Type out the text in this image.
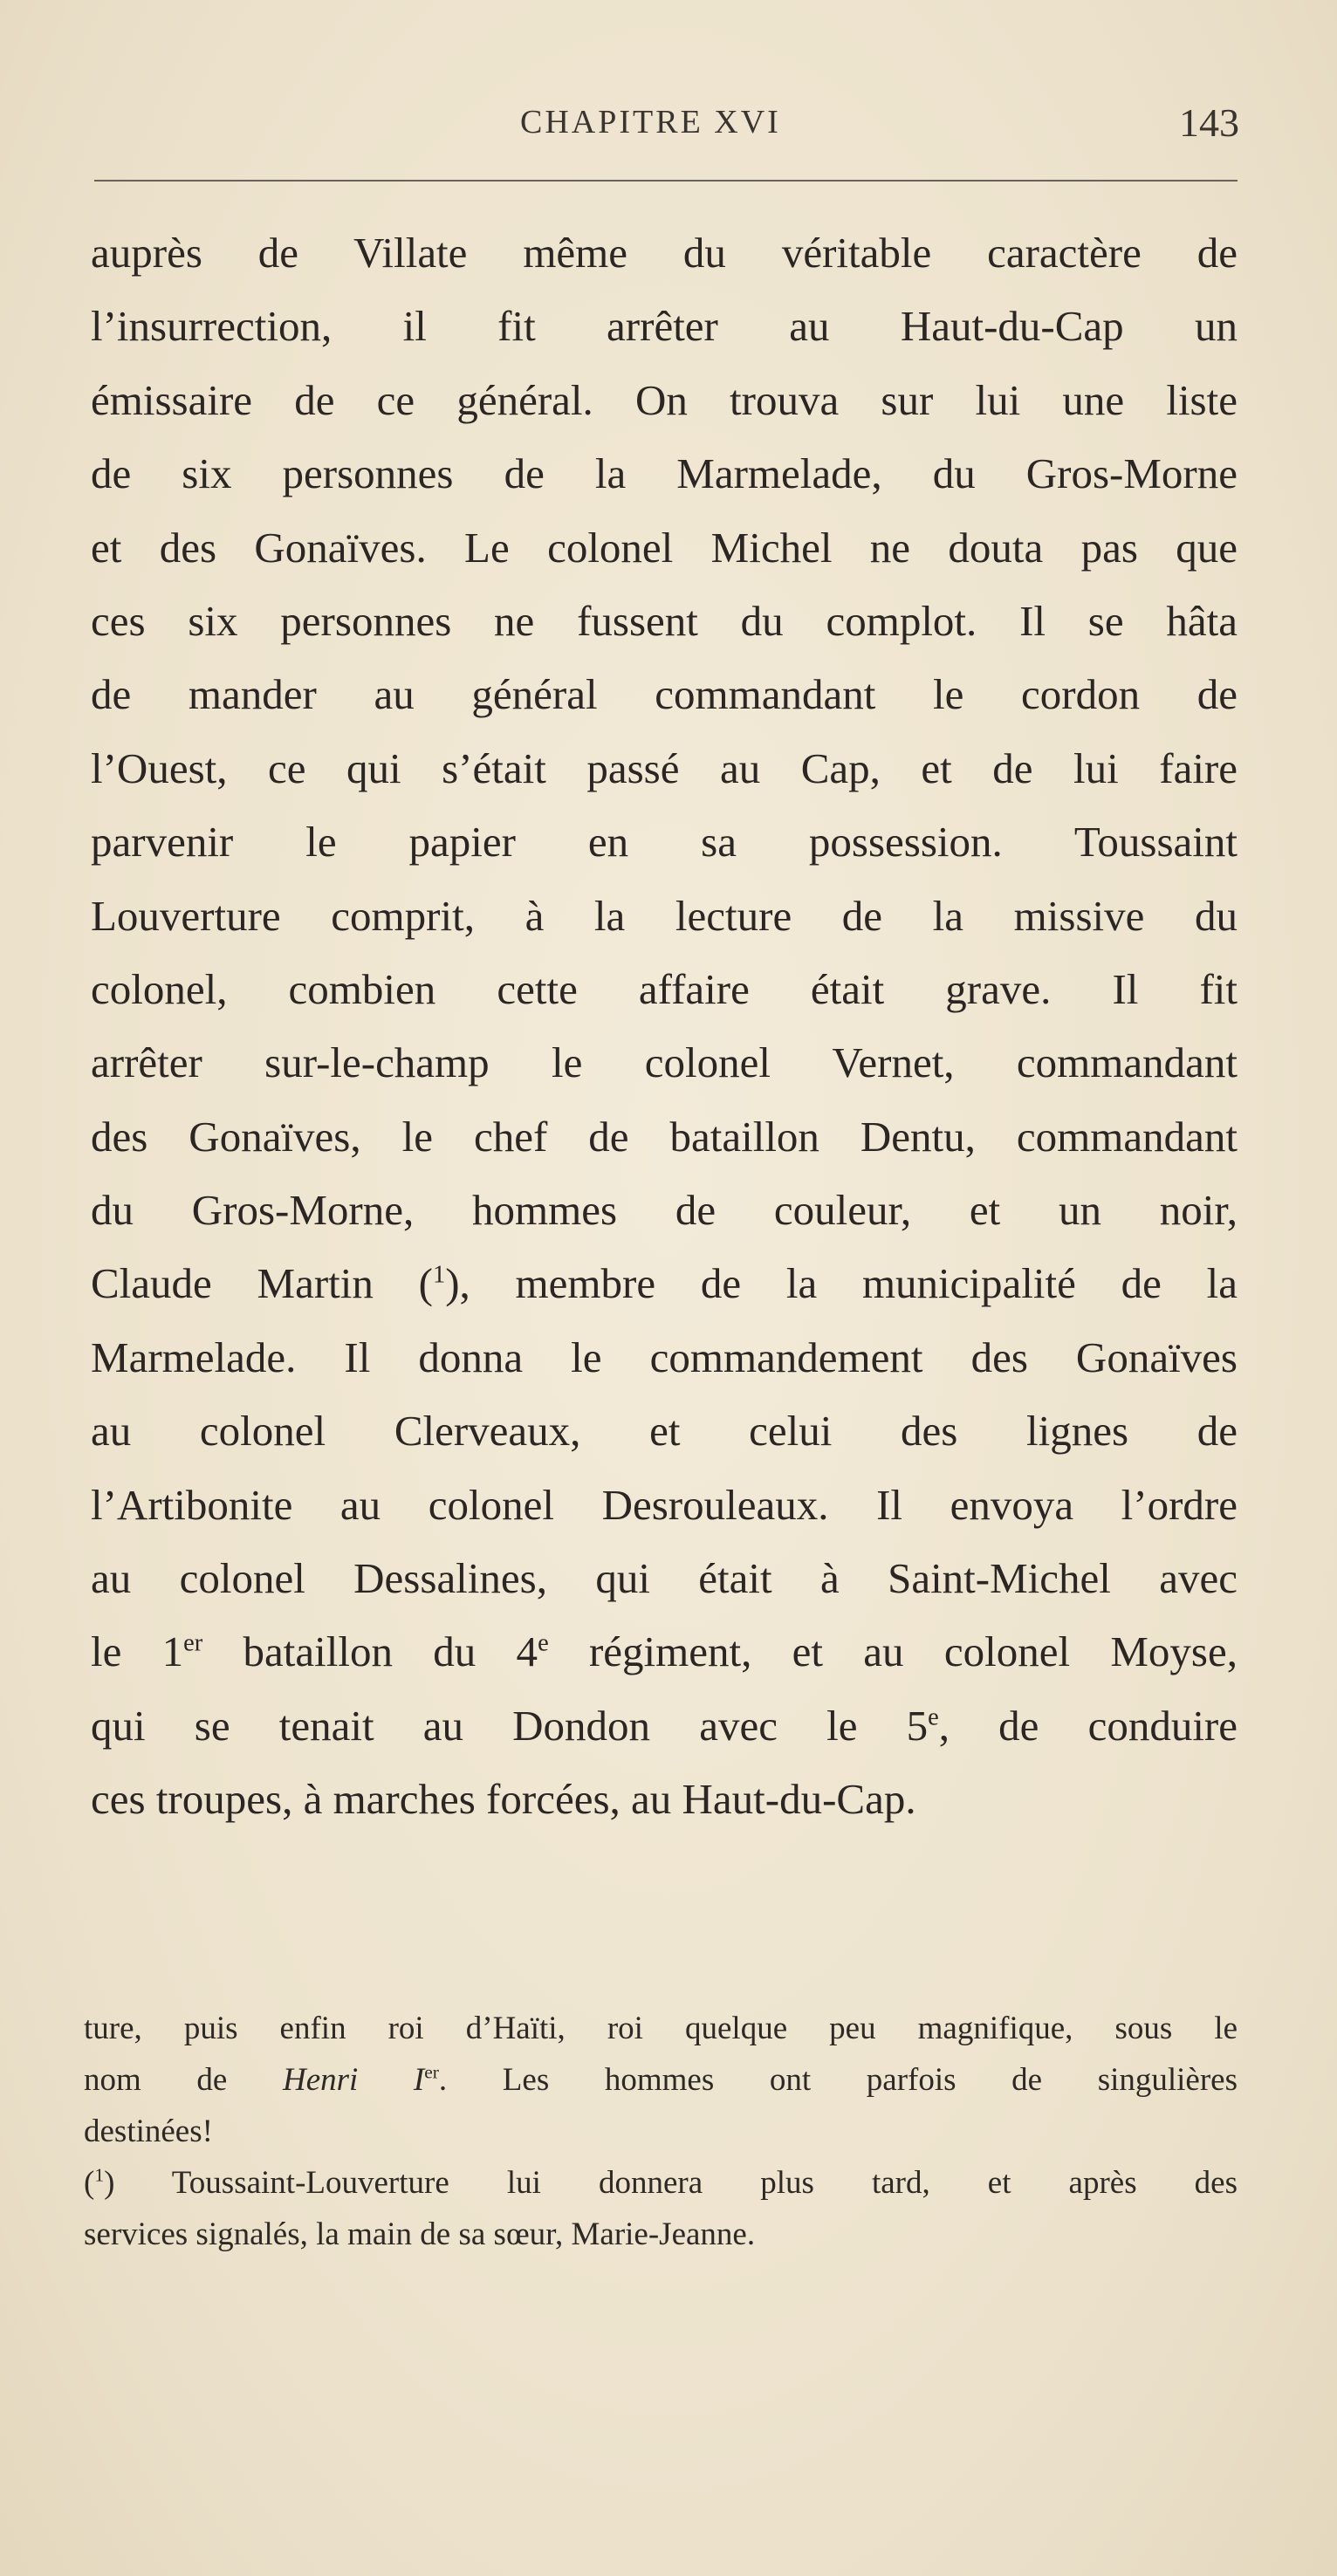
CHAPITRE XVI	143
auprès de Villate même du véritable caractère de
l’insurrection, il fit arrêter au Haut-du-Cap un
émissaire de ce général. On trouva sur lui une liste
de six personnes de la Marmelade, du Gros-Morne
et des Gonaïves. Le colonel Michel ne douta pas que
ces six personnes ne fussent du complot. Il se hâta
de mander au général commandant le cordon de
l’Ouest, ce qui s’était passé au Cap, et de lui faire
parvenir le papier en sa possession. Toussaint
Louverture comprit, à la lecture de la missive du
colonel, combien cette affaire était grave. Il fit
arrêter sur-le-champ le colonel Vernet, commandant
des Gonaïves, le chef de bataillon Dentu, commandant
du Gros-Morne, hommes de couleur, et un noir,
Claude Martin ($^1$), membre de la municipalité de la
Marmelade. Il donna le commandement des Gonaïves
au colonel Clerveaux, et celui des lignes de
l’Artibonite au colonel Desrouleaux. Il envoya l’ordre
au colonel Dessalines, qui était à Saint-Michel avec
le 1er bataillon du 4e régiment, et au colonel Moyse,
qui se tenait au Dondon avec le 5e, de conduire
ces troupes, à marches forcées, au Haut-du-Cap.
ture, puis enfin roi d’Haïti, roi quelque peu magnifique, sous le
nom de Henri Ier. Les hommes ont parfois de singulières
destinées!
($^1$) Toussaint-Louverture lui donnera plus tard, et après des
services signalés, la main de sa sœur, Marie-Jeanne.
